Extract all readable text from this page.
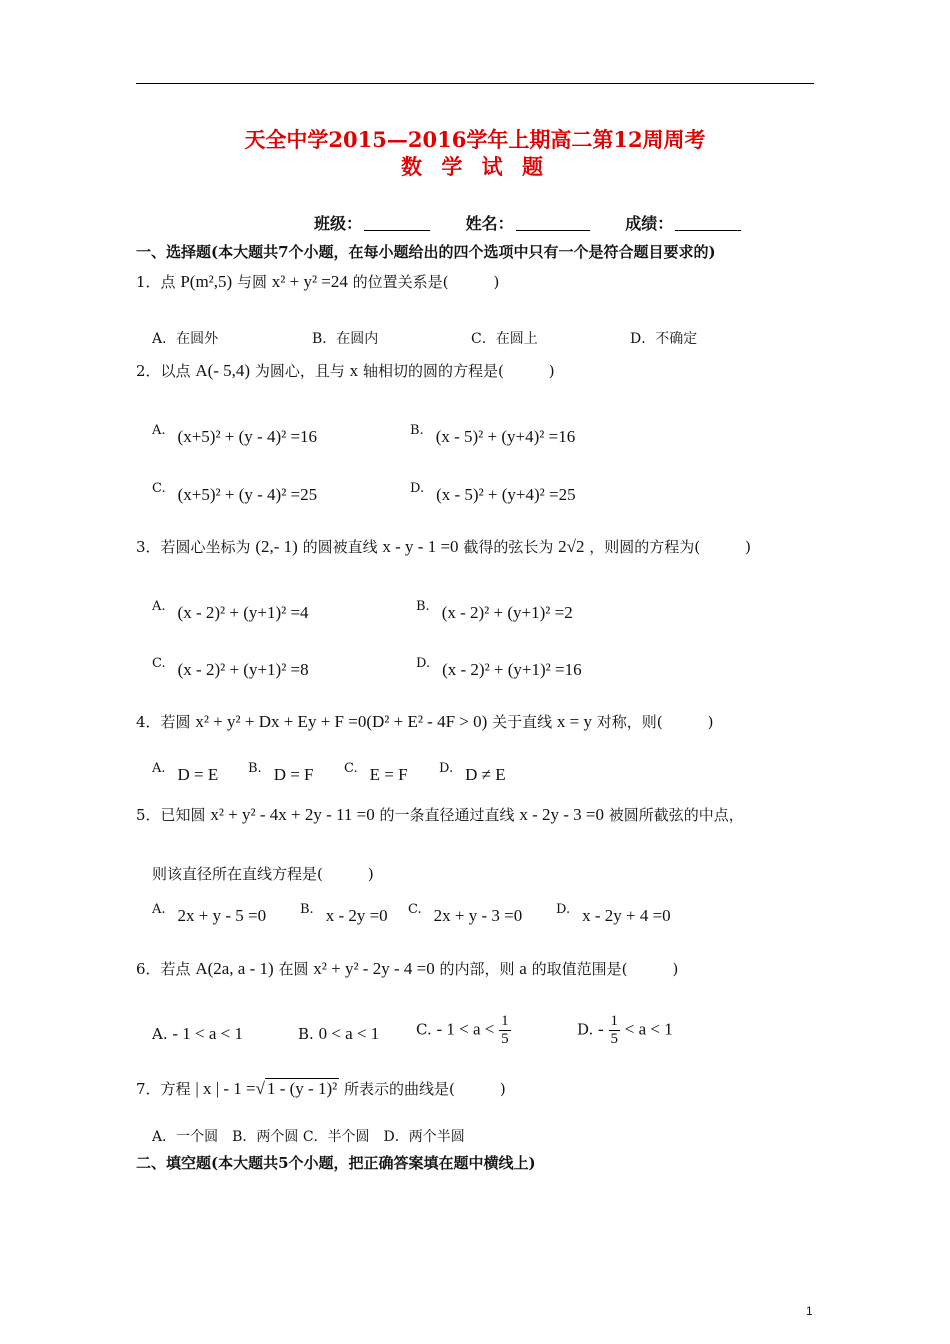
天全中学2015—2016学年上期高二第12周周考
数 学 试 题
班级：	姓名：	成绩：
一、选择题(本大题共7个小题，在每小题给出的四个选项中只有一个是符合题目要求的)
1．点 P(m²,5) 与圆 x² + y² =24 的位置关系是(　　　)
A．在圆外	B．在圆内	C．在圆上	D．不确定
2．以点 A(- 5,4) 为圆心，且与 x 轴相切的圆的方程是(　　　)
A. (x+5)² + (y - 4)² =16	B. (x - 5)² + (y+4)² =16
C. (x+5)² + (y - 4)² =25	D. (x - 5)² + (y+4)² =25
3．若圆心坐标为 (2,- 1) 的圆被直线 x - y - 1 =0 截得的弦长为 2√2 ，则圆的方程为(　　　)
A. (x - 2)² + (y+1)² =4	B. (x - 2)² + (y+1)² =2
C. (x - 2)² + (y+1)² =8	D. (x - 2)² + (y+1)² =16
4．若圆 x² + y² + Dx + Ey + F =0(D² + E² - 4F > 0) 关于直线 x = y 对称，则(　　　)
A. D = E B. D = F C. E = F D. D ≠ E
5．已知圆 x² + y² - 4x + 2y - 11 =0 的一条直径通过直线 x - 2y - 3 =0 被圆所截弦的中点，
则该直径所在直线方程是(　　　)
A. 2x + y - 5 =0	B. x - 2y =0 C. 2x + y - 3 =0	D. x - 2y + 4 =0
6．若点 A(2a, a - 1) 在圆 x² + y² - 2y - 4 =0 的内部，则 a 的取值范围是(　　　)
A. - 1 < a < 1	B. 0 < a < 1 C. - $1 < a < \frac{1}{5}$	D. - $\frac{1}{5} < a < 1$
7．方程 | x | - 1 =√ 1 - (y - 1)² 所表示的曲线是(　　　)
A．一个圆　B．两个圆 C．半个圆　D．两个半圆
二、填空题(本大题共5个小题，把正确答案填在题中横线上)
1
